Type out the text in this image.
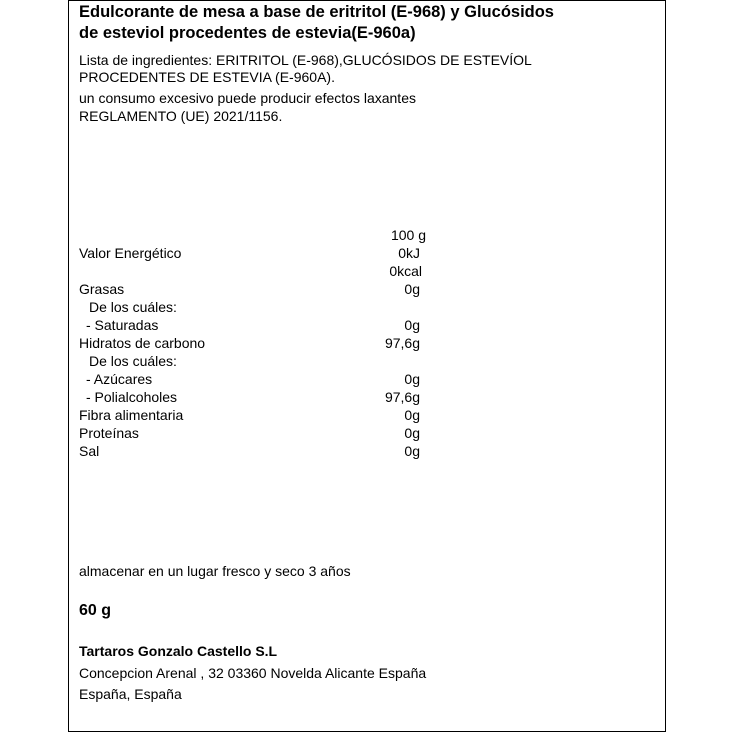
Edulcorante de mesa a base de eritritol (E-968) y Glucósidos
de esteviol procedentes de estevia(E-960a)
Lista de ingredientes: ERITRITOL (E-968),GLUCÓSIDOS DE ESTEVÍOL
PROCEDENTES DE ESTEVIA (E-960A).
un consumo excesivo puede producir efectos laxantes
REGLAMENTO (UE) 2021/1156.
100 g
Valor Energético	0kJ
0kcal
Grasas	0g
De los cuáles:
- Saturadas	0g
Hidratos de carbono	97,6g
De los cuáles:
- Azúcares	0g
- Polialcoholes	97,6g
Fibra alimentaria	0g
Proteínas	0g
Sal	0g
almacenar en un lugar fresco y seco 3 años
60 g
Tartaros Gonzalo Castello S.L
Concepcion Arenal , 32 03360 Novelda Alicante España
España, España
